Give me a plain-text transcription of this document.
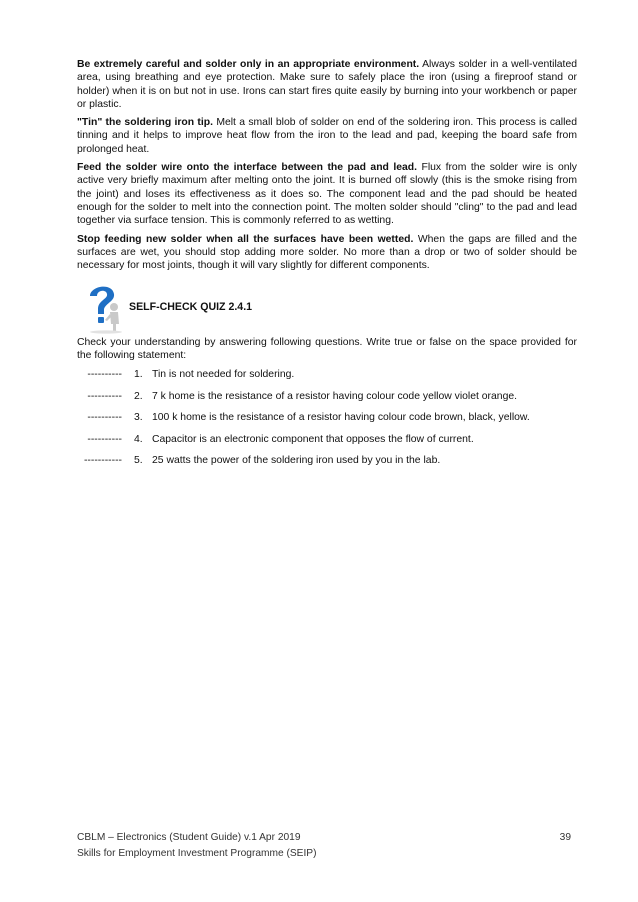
Be extremely careful and solder only in an appropriate environment. Always solder in a well-ventilated area, using breathing and eye protection. Make sure to safely place the iron (using a fireproof stand or holder) when it is on but not in use. Irons can start fires quite easily by burning into your workbench or paper or plastic.

"Tin" the soldering iron tip. Melt a small blob of solder on end of the soldering iron. This process is called tinning and it helps to improve heat flow from the iron to the lead and pad, keeping the board safe from prolonged heat.

Feed the solder wire onto the interface between the pad and lead. Flux from the solder wire is only active very briefly maximum after melting onto the joint. It is burned off slowly (this is the smoke rising from the joint) and loses its effectiveness as it does so. The component lead and the pad should be heated enough for the solder to melt into the connection point. The molten solder should "cling" to the pad and lead together via surface tension. This is commonly referred to as wetting.

Stop feeding new solder when all the surfaces have been wetted. When the gaps are filled and the surfaces are wet, you should stop adding more solder. No more than a drop or two of solder should be necessary for most joints, though it will vary slightly for different components.

SELF-CHECK QUIZ 2.4.1

Check your understanding by answering following questions. Write true or false on the space provided for the following statement:

---------- 1. Tin is not needed for soldering.
---------- 2. 7 k home is the resistance of a resistor having colour code yellow violet orange.
---------- 3. 100 k home is the resistance of a resistor having colour code brown, black, yellow.
---------- 4. Capacitor is an electronic component that opposes the flow of current.
----------- 5. 25 watts the power of the soldering iron used by you in the lab.
CBLM – Electronics (Student Guide) v.1 Apr 2019	39
Skills for Employment Investment Programme (SEIP)
